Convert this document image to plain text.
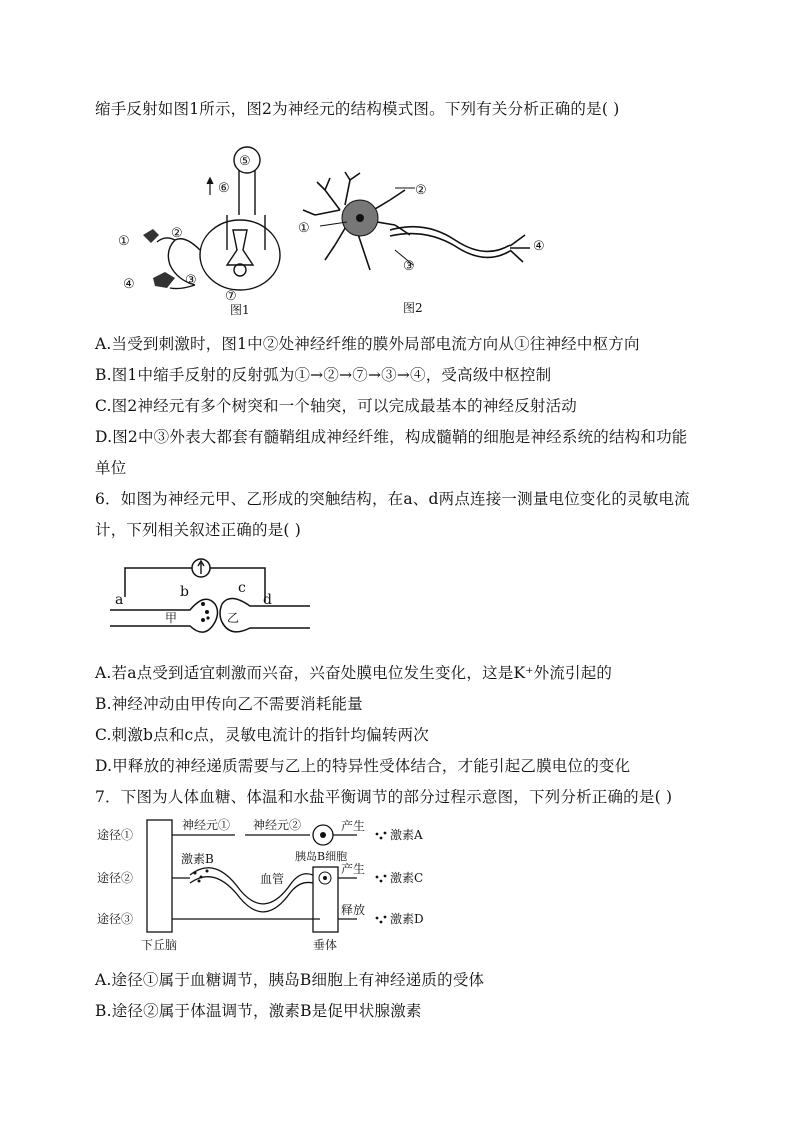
缩手反射如图1所示，图2为神经元的结构模式图。下列有关分析正确的是( )
①
②
③
④
⑤
⑥
⑦
图1
①
②
③
④
图2
A.当受到刺激时，图1中②处神经纤维的膜外局部电流方向从①往神经中枢方向
B.图1中缩手反射的反射弧为①→②→⑦→③→④，受高级中枢控制
C.图2神经元有多个树突和一个轴突，可以完成最基本的神经反射活动
D.图2中③外表大都套有髓鞘组成神经纤维，构成髓鞘的细胞是神经系统的结构和功能
单位
6．如图为神经元甲、乙形成的突触结构，在a、d两点连接一测量电位变化的灵敏电流
计，下列相关叙述正确的是( )
a	b	c
d
甲	乙
A.若a点受到适宜刺激而兴奋，兴奋处膜电位发生变化，这是K⁺外流引起的
B.神经冲动由甲传向乙不需要消耗能量
C.刺激b点和c点，灵敏电流计的指针均偏转两次
D.甲释放的神经递质需要与乙上的特异性受体结合，才能引起乙膜电位的变化
7．下图为人体血糖、体温和水盐平衡调节的部分过程示意图，下列分析正确的是( )
途径①
途径②
途径③
神经元① 神经元②
胰岛B细胞
激素B
血管
产生
产生
释放
激素A
激素C
激素D
下丘脑	垂体
A.途径①属于血糖调节，胰岛B细胞上有神经递质的受体
B.途径②属于体温调节，激素B是促甲状腺激素
